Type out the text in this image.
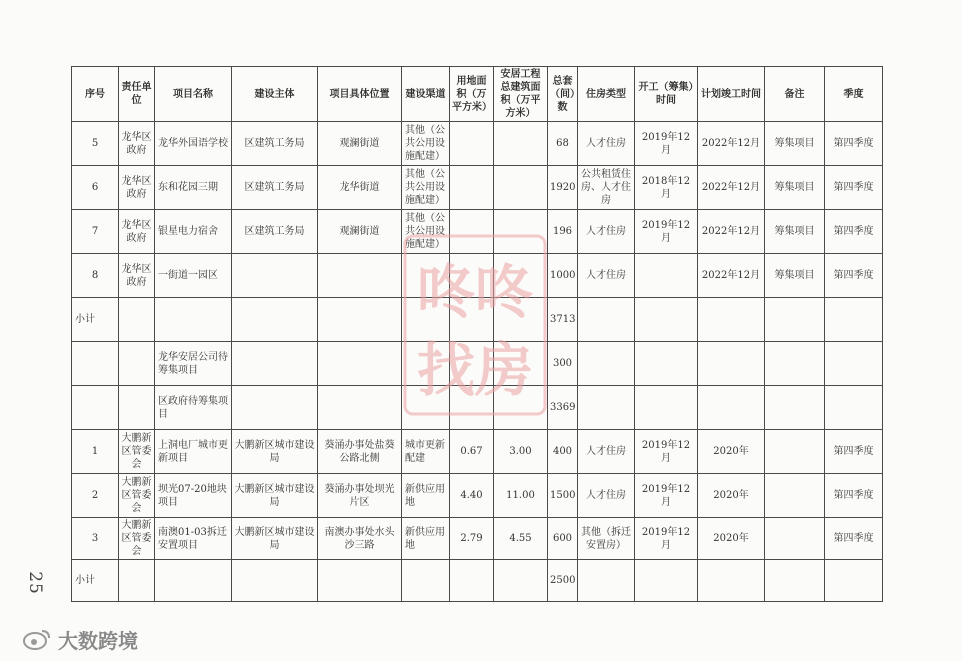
序号	责任单位	项目名称	建设主体	项目具体位置	建设渠道	用地面积（万平方米）	安居工程总建筑面积（万平方米）	总套（间）数	住房类型	开工（筹集）时间	计划竣工时间	备注	季度
5	龙华区政府	龙华外国语学校	区建筑工务局	观澜街道	其他（公共公用设施配建）			68	人才住房	2019年12月	2022年12月	筹集项目	第四季度
6	龙华区政府	东和花园三期	区建筑工务局	龙华街道	其他（公共公用设施配建）			1920	公共租赁住房、人才住房	2018年12月	2022年12月	筹集项目	第四季度
7	龙华区政府	银星电力宿舍	区建筑工务局	观澜街道	其他（公共公用设施配建）			196	人才住房	2019年12月	2022年12月	筹集项目	第四季度
8	龙华区政府	一街道一园区						1000	人才住房		2022年12月	筹集项目	第四季度
小计								3713					
		龙华安居公司待筹集项目						300					
		区政府待筹集项目						3369					
1	大鹏新区管委会	上洞电厂城市更新项目	大鹏新区城市建设局	葵涌办事处盐葵公路北侧	城市更新配建	0.67	3.00	400	人才住房	2019年12月	2020年		第四季度
2	大鹏新区管委会	坝光07-20地块项目	大鹏新区城市建设局	葵涌办事处坝光片区	新供应用地	4.40	11.00	1500	人才住房	2019年12月	2020年		第四季度
3	大鹏新区管委会	南澳01-03拆迁安置项目	大鹏新区城市建设局	南澳办事处水头沙三路	新供应用地	2.79	4.55	600	其他（拆迁安置房）	2019年12月	2020年		第四季度
小计								2500					
咚咚
找房
25
大数跨境
